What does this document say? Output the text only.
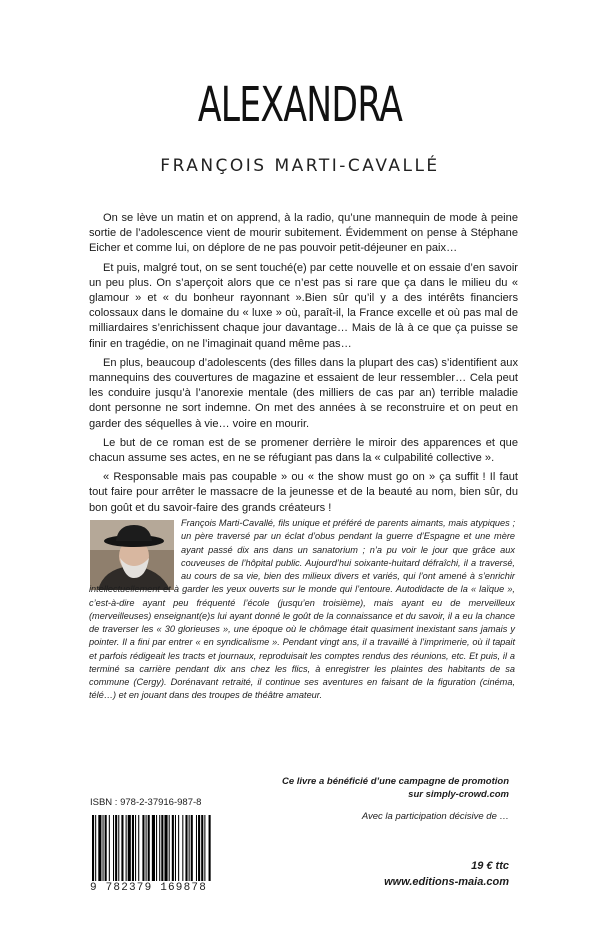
ALEXANDRA
FRANÇOIS MARTI-CAVALLÉ

On se lève un matin et on apprend, à la radio, qu’une mannequin de mode à peine sortie de l’adolescence vient de mourir subitement. Évidemment on pense à Stéphane Eicher et comme lui, on déplore de ne pas pouvoir petit-déjeuner en paix…

Et puis, malgré tout, on se sent touché(e) par cette nouvelle et on essaie d’en savoir un peu plus. On s’aperçoit alors que ce n’est pas si rare que ça dans le milieu du « glamour » et « du bonheur rayonnant ».Bien sûr qu’il y a des intérêts financiers colossaux dans le domaine du « luxe » où, paraît-il, la France excelle et où pas mal de milliardaires s’enrichissent chaque jour davantage… Mais de là à ce que ça puisse se finir en tragédie, on ne l’imaginait quand même pas…

En plus, beaucoup d’adolescents (des filles dans la plupart des cas) s’identifient aux mannequins des couvertures de magazine et essaient de leur ressembler… Cela peut les conduire jusqu’à l’anorexie mentale (des milliers de cas par an) terrible maladie dont personne ne sort indemne. On met des années à se reconstruire et on peut en garder des séquelles à vie… voire en mourir.

Le but de ce roman est de se promener derrière le miroir des apparences et que chacun assume ses actes, en ne se réfugiant pas dans la « culpabilité collective ».

« Responsable mais pas coupable » ou « the show must go on » ça suffit ! Il faut tout faire pour arrêter le massacre de la jeunesse et de la beauté au nom, bien sûr, du bon goût et du savoir-faire des grands créateurs !

François Marti-Cavallé, fils unique et préféré de parents aimants, mais atypiques ; un père traversé par un éclat d’obus pendant la guerre d’Espagne et une mère ayant passé dix ans dans un sanatorium ; n’a pu voir le jour que grâce aux couveuses de l’hôpital public. Aujourd’hui soixante-huitard défraîchi, il a traversé, au cours de sa vie, bien des milieux divers et variés, qui l’ont amené à s’enrichir intellectuellement et à garder les yeux ouverts sur le monde qui l’entoure. Autodidacte de la « laïque », c’est-à-dire ayant peu fréquenté l’école (jusqu’en troisième), mais ayant eu de merveilleux (merveilleuses) enseignant(e)s lui ayant donné le goût de la connaissance et du savoir, il a eu la chance de traverser les « 30 glorieuses », une époque où le chômage était quasiment inexistant sans jamais y pointer. Il a fini par entrer « en syndicalisme ». Pendant vingt ans, il a travaillé à l’imprimerie, où il tapait et parfois rédigeait les tracts et journaux, reproduisait les comptes rendus des réunions, etc. Et puis, il a terminé sa carrière pendant dix ans chez les flics, à enregistrer les plaintes des habitants de sa commune (Cergy). Dorénavant retraité, il continue ses aventures en faisant de la figuration (cinéma, télé…) et en jouant dans des troupes de théâtre amateur.
Ce livre a bénéficié d’une campagne de promotion
sur simply-crowd.com
Avec la participation décisive de …
ISBN : 978-2-37916-987-8
9 782379 169878
19 € ttc
www.editions-maia.com
